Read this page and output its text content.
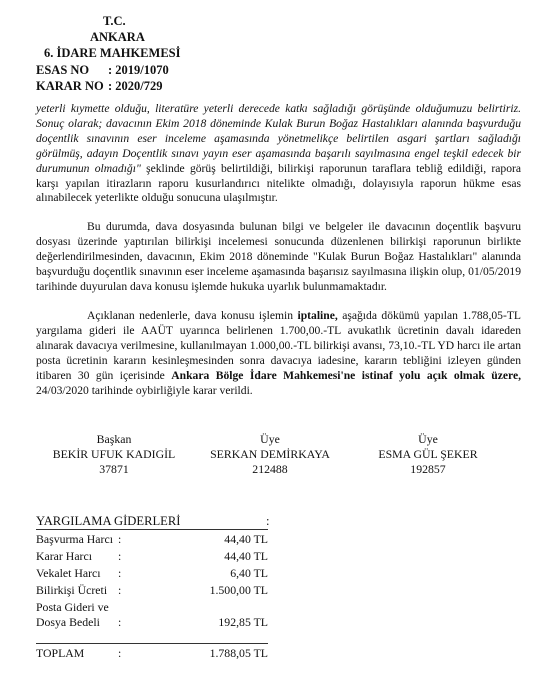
T.C.
ANKARA
6. İDARE MAHKEMESİ
ESAS NO : 2019/1070
KARAR NO : 2020/729
yeterli kıymette olduğu, literatüre yeterli derecede katkı sağladığı görüşünde olduğumuzu belirtiriz. Sonuç olarak; davacının Ekim 2018 döneminde Kulak Burun Boğaz Hastalıkları alanında başvurduğu doçentlik sınavının eser inceleme aşamasında yönetmelikçe belirtilen asgari şartları sağladığı görülmüş, adayın Doçentlik sınavı yayın eser aşamasında başarılı sayılmasına engel teşkil edecek bir durumunun olmadığı" şeklinde görüş belirtildiği, bilirkişi raporunun taraflara tebliğ edildiği, rapora karşı yapılan itirazların raporu kusurlandırıcı nitelikte olmadığı, dolayısıyla raporun hükme esas alınabilecek yeterlikte olduğu sonucuna ulaşılmıştır.
Bu durumda, dava dosyasında bulunan bilgi ve belgeler ile davacının doçentlik başvuru dosyası üzerinde yaptırılan bilirkişi incelemesi sonucunda düzenlenen bilirkişi raporunun birlikte değerlendirilmesinden, davacının, Ekim 2018 döneminde "Kulak Burun Boğaz Hastalıkları" alanında başvurduğu doçentlik sınavının eser inceleme aşamasında başarısız sayılmasına ilişkin olup, 01/05/2019 tarihinde duyurulan dava konusu işlemde hukuka uyarlık bulunmamaktadır.
Açıklanan nedenlerle, dava konusu işlemin iptaline, aşağıda dökümü yapılan 1.788,05-TL yargılama gideri ile AAÜT uyarınca belirlenen 1.700,00.-TL avukatlık ücretinin davalı idareden alınarak davacıya verilmesine, kullanılmayan 1.000,00.-TL bilirkişi avansı, 73,10.-TL YD harcı ile artan posta ücretinin kararın kesinleşmesinden sonra davacıya iadesine, kararın tebliğini izleyen günden itibaren 30 gün içerisinde Ankara Bölge İdare Mahkemesi'ne istinaf yolu açık olmak üzere, 24/03/2020 tarihinde oybirliğiyle karar verildi.
Başkan
BEKİR UFUK KADIGİL
37871
Üye
SERKAN DEMİRKAYA
212488
Üye
ESMA GÜL ŞEKER
192857
YARGILAMA GİDERLERİ	:
Başvurma Harcı :	44,40 TL
Karar Harcı :	44,40 TL
Vekalet Harcı :	6,40 TL
Bilirkişi Ücreti :	1.500,00 TL
Posta Gideri ve
Dosya Bedeli :	192,85 TL
TOPLAM	:	1.788,05 TL
